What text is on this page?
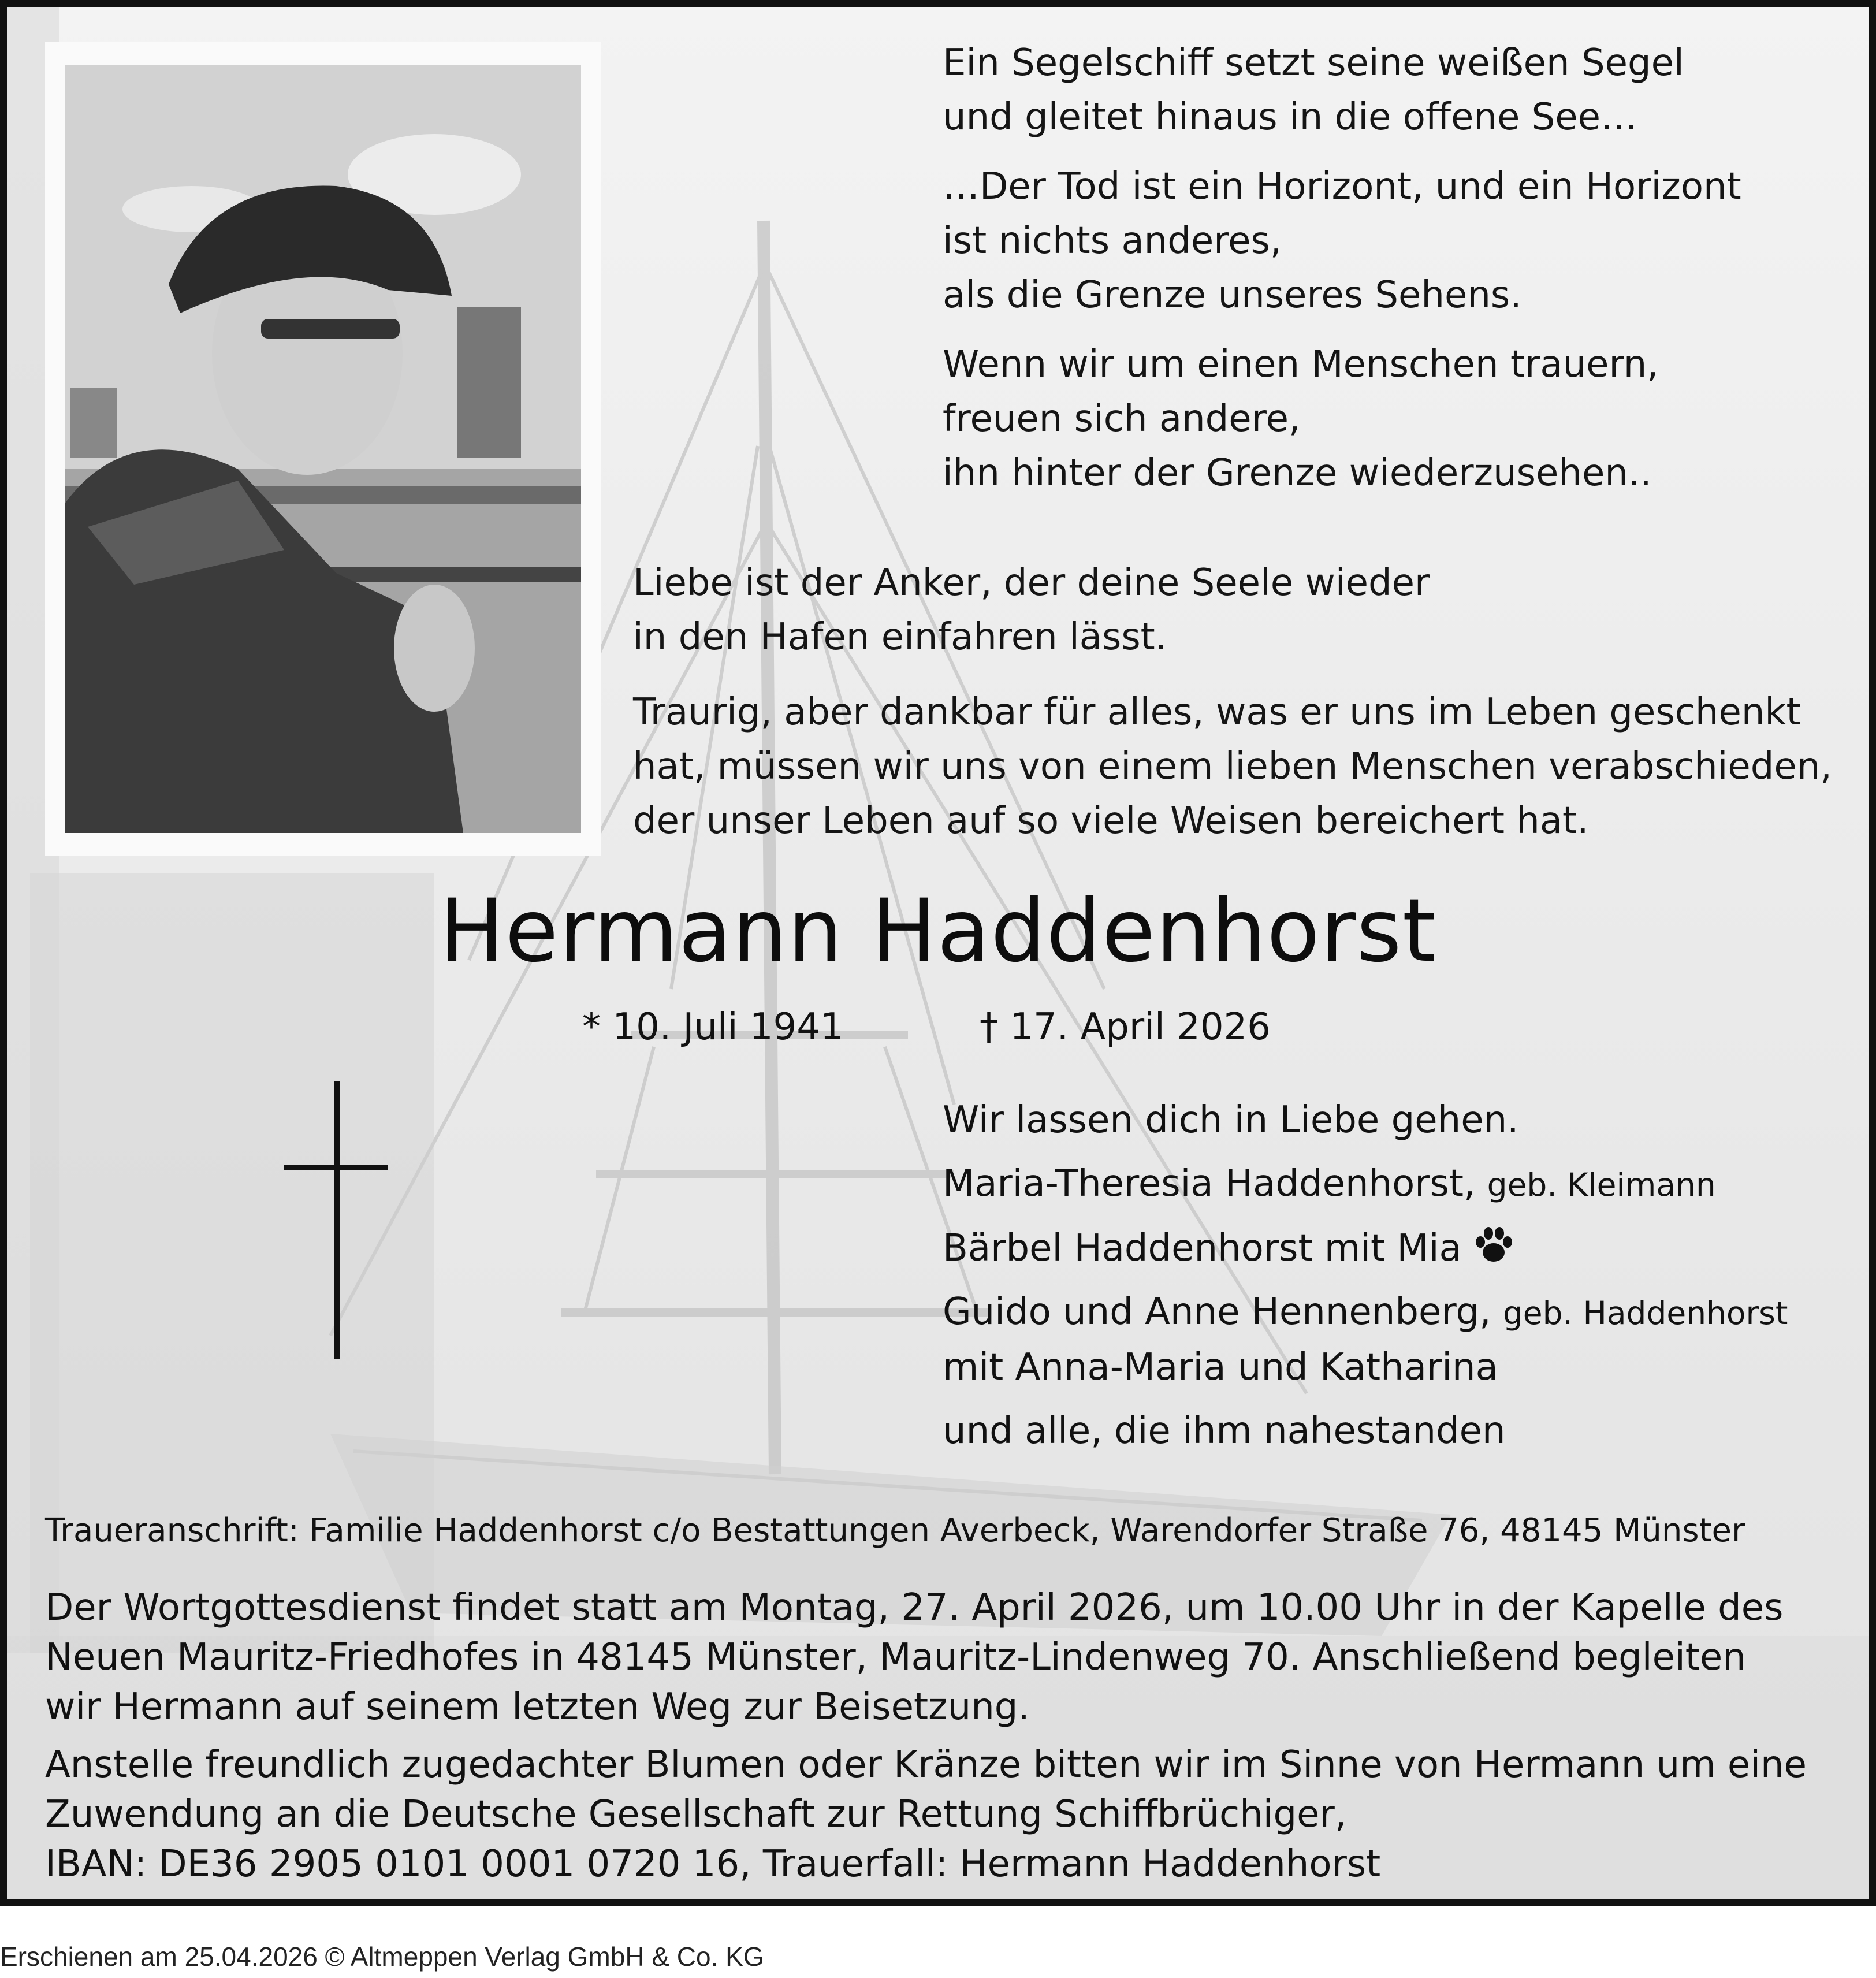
Ein Segelschiff setzt seine weißen Segel
und gleitet hinaus in die offene See…
…Der Tod ist ein Horizont, und ein Horizont
ist nichts anderes,
als die Grenze unseres Sehens.
Wenn wir um einen Menschen trauern,
freuen sich andere,
ihn hinter der Grenze wiederzusehen..
Liebe ist der Anker, der deine Seele wieder
in den Hafen einfahren lässt.
Traurig, aber dankbar für alles, was er uns im Leben geschenkt
hat, müssen wir uns von einem lieben Menschen verabschieden,
der unser Leben auf so viele Weisen bereichert hat.
Hermann Haddenhorst
* 10. Juli 1941	† 17. April 2026
Wir lassen dich in Liebe gehen.
Maria-Theresia Haddenhorst, geb. Kleimann
Bärbel Haddenhorst mit Mia
Guido und Anne Hennenberg, geb. Haddenhorst
mit Anna-Maria und Katharina
und alle, die ihm nahestanden
Traueranschrift: Familie Haddenhorst c/o Bestattungen Averbeck, Warendorfer Straße 76, 48145 Münster
Der Wortgottesdienst findet statt am Montag, 27. April 2026, um 10.00 Uhr in der Kapelle des
Neuen Mauritz-Friedhofes in 48145 Münster, Mauritz-Lindenweg 70. Anschließend begleiten
wir Hermann auf seinem letzten Weg zur Beisetzung.
Anstelle freundlich zugedachter Blumen oder Kränze bitten wir im Sinne von Hermann um eine
Zuwendung an die Deutsche Gesellschaft zur Rettung Schiffbrüchiger,
IBAN: DE36 2905 0101 0001 0720 16, Trauerfall: Hermann Haddenhorst
Erschienen am 25.04.2026 © Altmeppen Verlag GmbH & Co. KG
